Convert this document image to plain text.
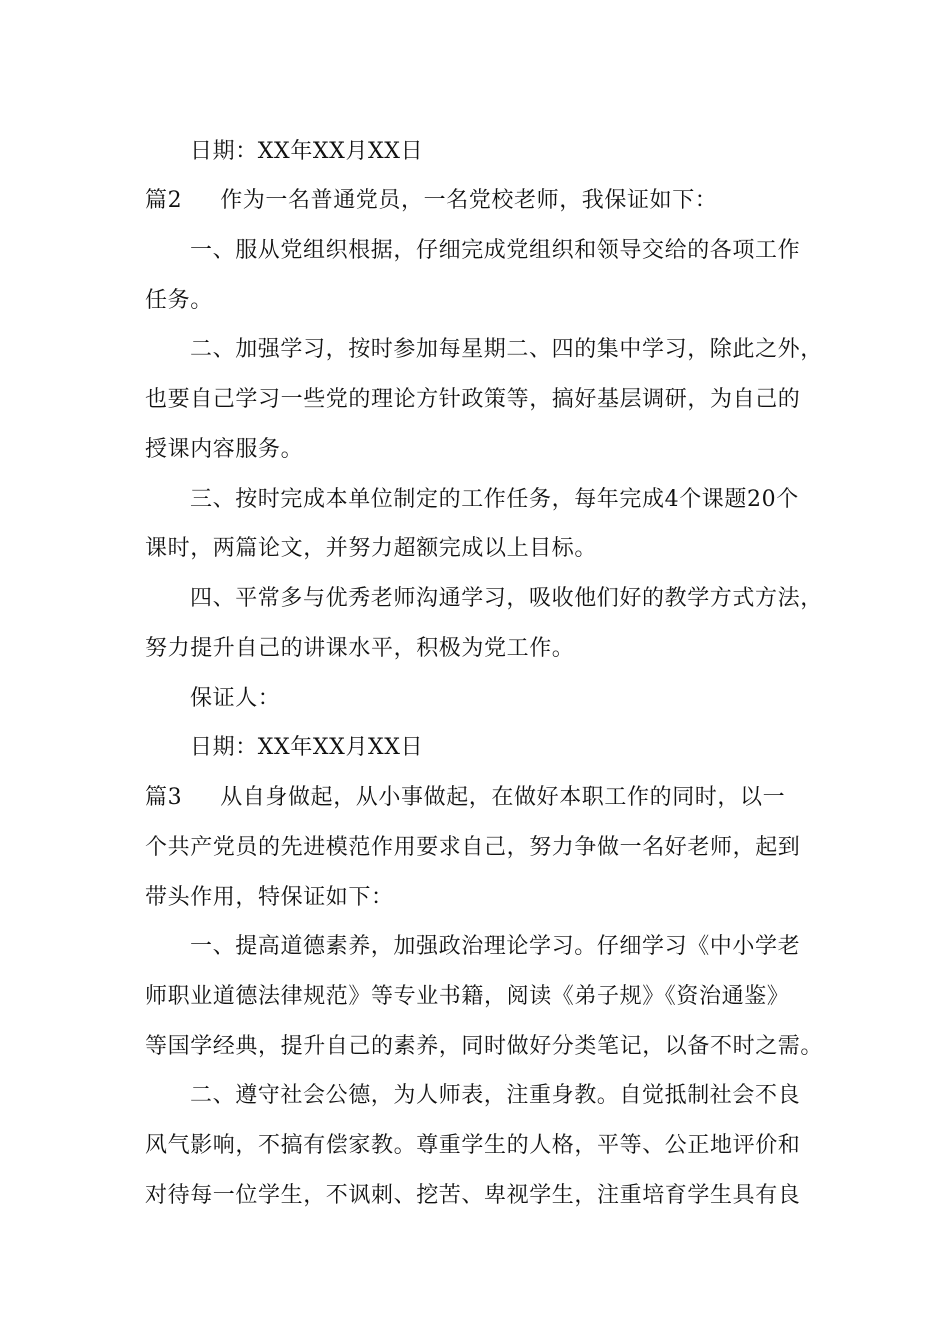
日期：XX年XX月XX日
篇2 作为一名普通党员，一名党校老师，我保证如下：
一、服从党组织根据，仔细完成党组织和领导交给的各项工作
任务。
二、加强学习，按时参加每星期二、四的集中学习，除此之外，
也要自己学习一些党的理论方针政策等，搞好基层调研，为自己的
授课内容服务。
三、按时完成本单位制定的工作任务，每年完成4个课题20个
课时，两篇论文，并努力超额完成以上目标。
四、平常多与优秀老师沟通学习，吸收他们好的教学方式方法，
努力提升自己的讲课水平，积极为党工作。
保证人：
日期：XX年XX月XX日
篇3 从自身做起，从小事做起，在做好本职工作的同时，以一
个共产党员的先进模范作用要求自己，努力争做一名好老师，起到
带头作用，特保证如下：
一、提高道德素养，加强政治理论学习。仔细学习《中小学老
师职业道德法律规范》等专业书籍，阅读《弟子规》《资治通鉴》
等国学经典，提升自己的素养，同时做好分类笔记，以备不时之需。
二、遵守社会公德，为人师表，注重身教。自觉抵制社会不良
风气影响，不搞有偿家教。尊重学生的人格，平等、公正地评价和
对待每一位学生，不讽刺、挖苦、卑视学生，注重培育学生具有良
